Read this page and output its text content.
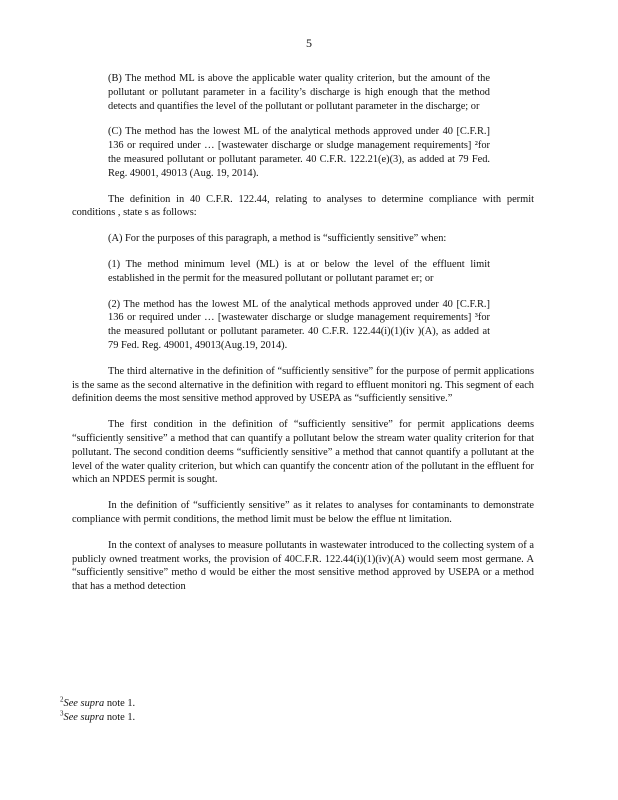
5

(B) The method ML is above the applicable water quality criterion, but the amount of the pollutant or pollutant parameter in a facility’s discharge is high enough that the method detects and quantifies the level of the pollutant or pollutant parameter in the discharge; or

(C) The method has the lowest ML of the analytical methods approved under 40 [C.F.R.] 136 or required under … [wastewater discharge or sludge management requirements] ²for the measured pollutant or pollutant parameter. 40 C.F.R. 122.21(e)(3), as added at 79 Fed. Reg. 49001, 49013 (Aug. 19, 2014).

The definition in 40 C.F.R. 122.44, relating to analyses to determine compliance with permit conditions , state s as follows:

(A) For the purposes of this paragraph, a method is “sufficiently sensitive” when:

(1) The method minimum level (ML) is at or below the level of the effluent limit established in the permit for the measured pollutant or pollutant paramet er; or

(2) The method has the lowest ML of the analytical methods approved under 40 [C.F.R.] 136 or required under … [wastewater discharge or sludge management requirements] ³for the measured pollutant or pollutant parameter. 40 C.F.R. 122.44(i)(1)(iv )(A), as added at 79 Fed. Reg. 49001, 49013(Aug.19, 2014).

The third alternative in the definition of “sufficiently sensitive” for the purpose of permit applications is the same as the second alternative in the definition with regard to effluent monitori ng. This segment of each definition deems the most sensitive method approved by USEPA as “sufficiently sensitive.”

The first condition in the definition of “sufficiently sensitive” for permit applications deems “sufficiently sensitive” a method that can quantify a pollutant below the stream water quality criterion for that pollutant. The second condition deems “sufficiently sensitive” a method that cannot quantify a pollutant at the level of the water quality criterion, but which can quantify the concentr ation of the pollutant in the effluent for which an NPDES permit is sought.

In the definition of “sufficiently sensitive” as it relates to analyses for contaminants to demonstrate compliance with permit conditions, the method limit must be below the efflue nt limitation.

In the context of analyses to measure pollutants in wastewater introduced to the collecting system of a publicly owned treatment works, the provision of 40C.F.R. 122.44(i)(1)(iv)(A) would seem most germane. A “sufficiently sensitive” metho d would be either the most sensitive method approved by USEPA or a method that has a method detection

$^2$See supra note 1.

$^3$See supra note 1.
